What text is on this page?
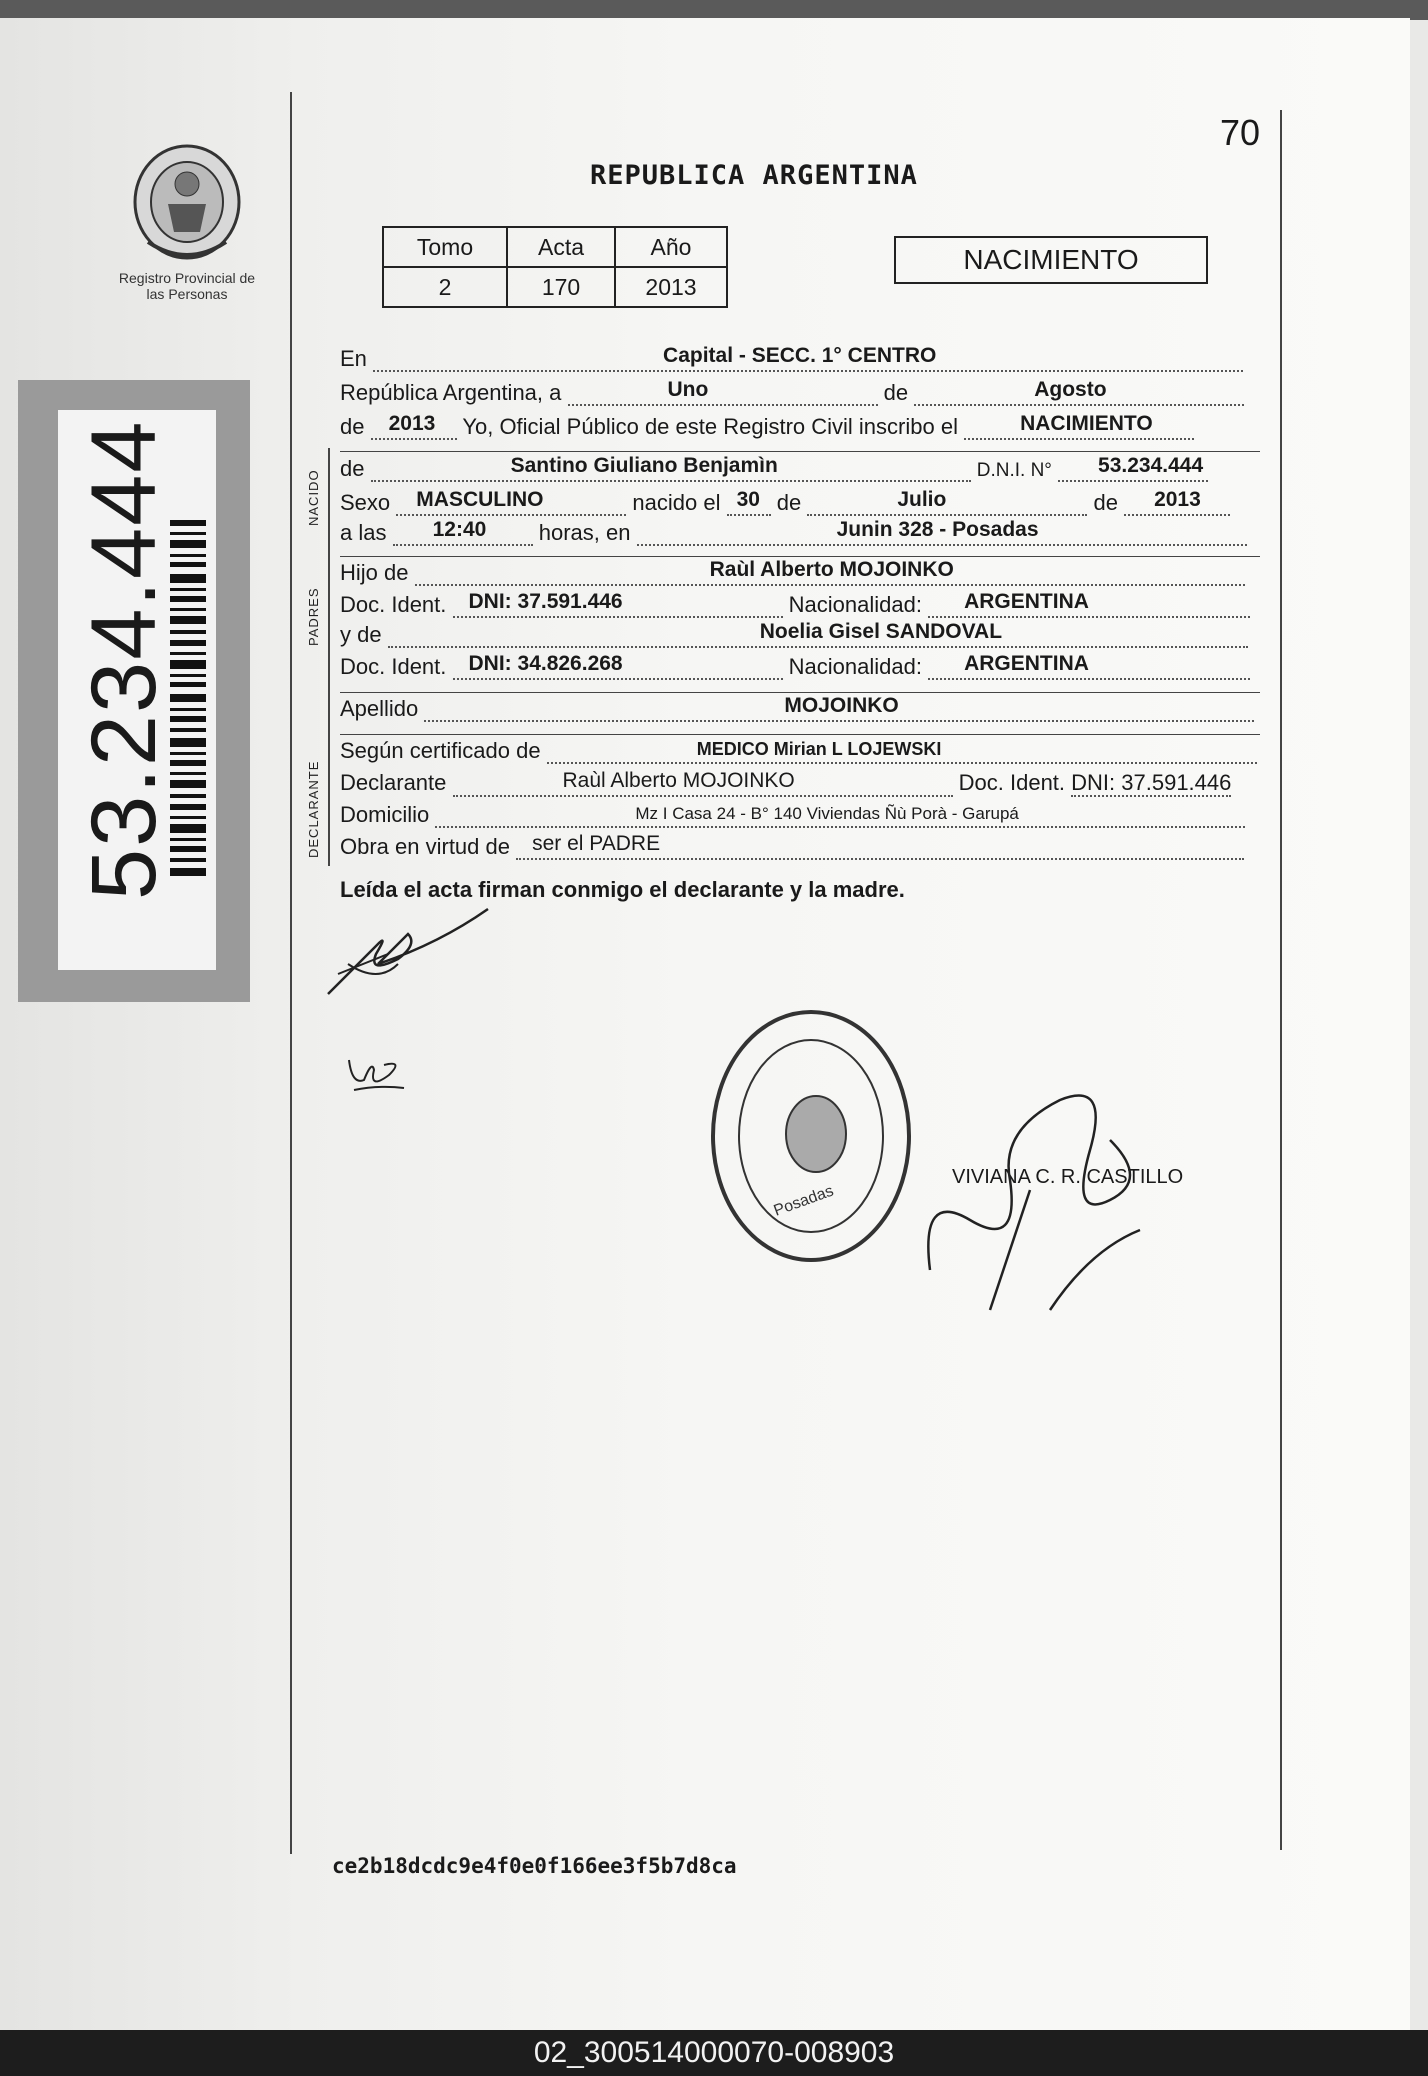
Registro Provincial de las Personas
53.234.444
70
REPUBLICA ARGENTINA
Tomo	Acta	Año
2	170	2013
NACIMIENTO
NACIDO
PADRES
DECLARANTE
En	Capital - SECC. 1° CENTRO
República Argentina, a	Uno	de	Agosto
de 2013 Yo, Oficial Público de este Registro Civil inscribo el	NACIMIENTO
de	Santino Giuliano Benjamìn	D.N.I. N° 53.234.444
Sexo MASCULINO	nacido el 30 de	Julio	de 2013
a las 12:40 horas, en	Junin 328 - Posadas
Hijo de	Raùl Alberto MOJOINKO
Doc. Ident. DNI: 37.591.446	Nacionalidad: ARGENTINA
y de	Noelia Gisel SANDOVAL
Doc. Ident. DNI: 34.826.268	Nacionalidad: ARGENTINA
Apellido	MOJOINKO
Según certificado de	MEDICO Mirian L LOJEWSKI
Declarante	Raùl Alberto MOJOINKO	Doc. Ident. DNI: 37.591.446
Domicilio	Mz I Casa 24 - B° 140 Viviendas Ñù Porà - Garupá
Obra en virtud de ser el PADRE
Leída el acta firman conmigo el declarante y la madre.
Posadas
VIVIANA C. R. CASTILLO
ce2b18dcdc9e4f0e0f166ee3f5b7d8ca
02_300514000070-008903
